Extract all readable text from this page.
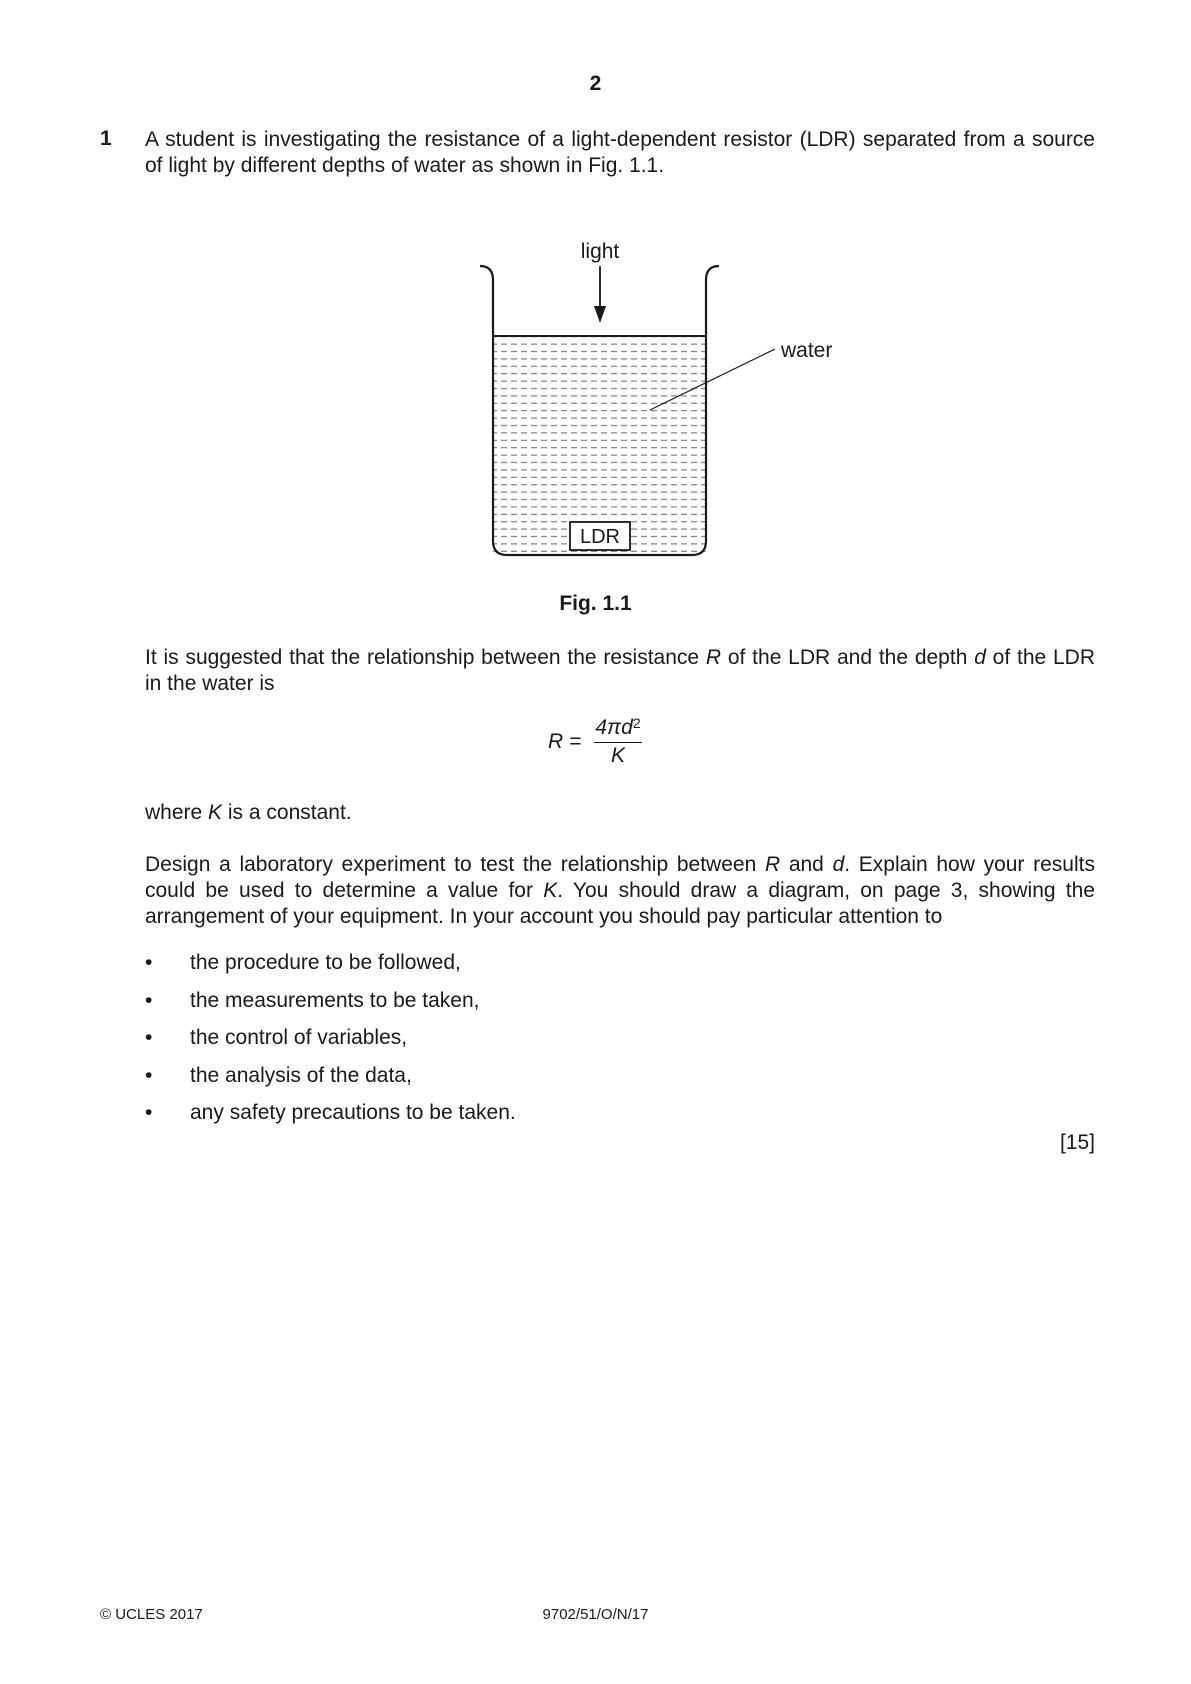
2
1 A student is investigating the resistance of a light-dependent resistor (LDR) separated from a source of light by different depths of water as shown in Fig. 1.1.
light
water
LDR
Fig. 1.1
It is suggested that the relationship between the resistance R of the LDR and the depth d of the LDR in the water is
R =
$4\pi d^2$
K
where K is a constant.
Design a laboratory experiment to test the relationship between R and d. Explain how your results could be used to determine a value for K. You should draw a diagram, on page 3, showing the arrangement of your equipment. In your account you should pay particular attention to
• the procedure to be followed,
• the measurements to be taken,
• the control of variables,
• the analysis of the data,
• any safety precautions to be taken.
[15]
© UCLES 2017	9702/51/O/N/17
